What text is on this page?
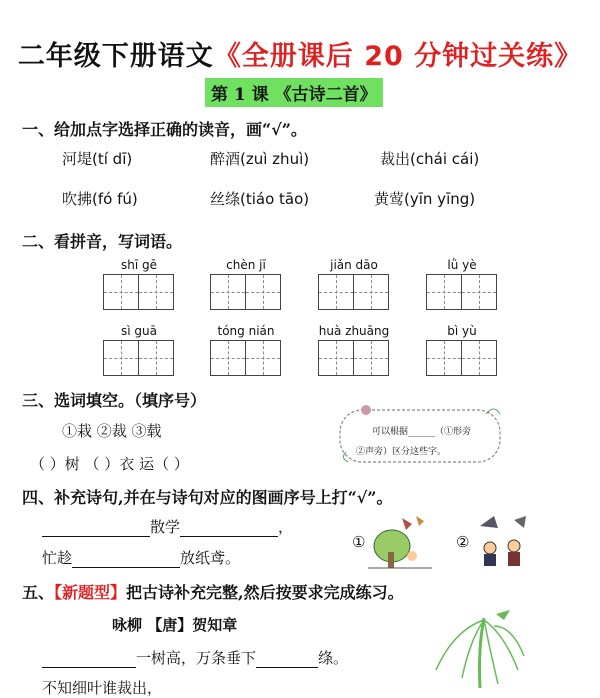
二年级下册语文《全册课后 20 分钟过关练》
第 1 课 《古诗二首》
一、给加点字选择正确的读音，画“√”。
河堤(tí dī)	醉酒(zuì zhuì)	裁出(chái cái)
吹拂(fó fú)	丝绦(tiáo tāo)	黄莺(yīn yīng)
二、看拼音，写词语。
shī gē	chèn jī	jiǎn dāo	lǜ yè
sì guā	tóng nián	huà zhuāng	bì yù
三、选词填空。（填序号）
①栽 ②裁 ③载
（ ）树 （ ）衣 运（ ）
可以根据______（①形旁
②声旁）区分这些字。
四、补充诗句,并在与诗句对应的图画序号上打“√”。
散学	，
忙趁	放纸鸢。
①	②
五、【新题型】把古诗补充完整,然后按要求完成练习。
咏柳 【唐】贺知章
一树高，万条垂下	绦。
不知细叶谁裁出，
